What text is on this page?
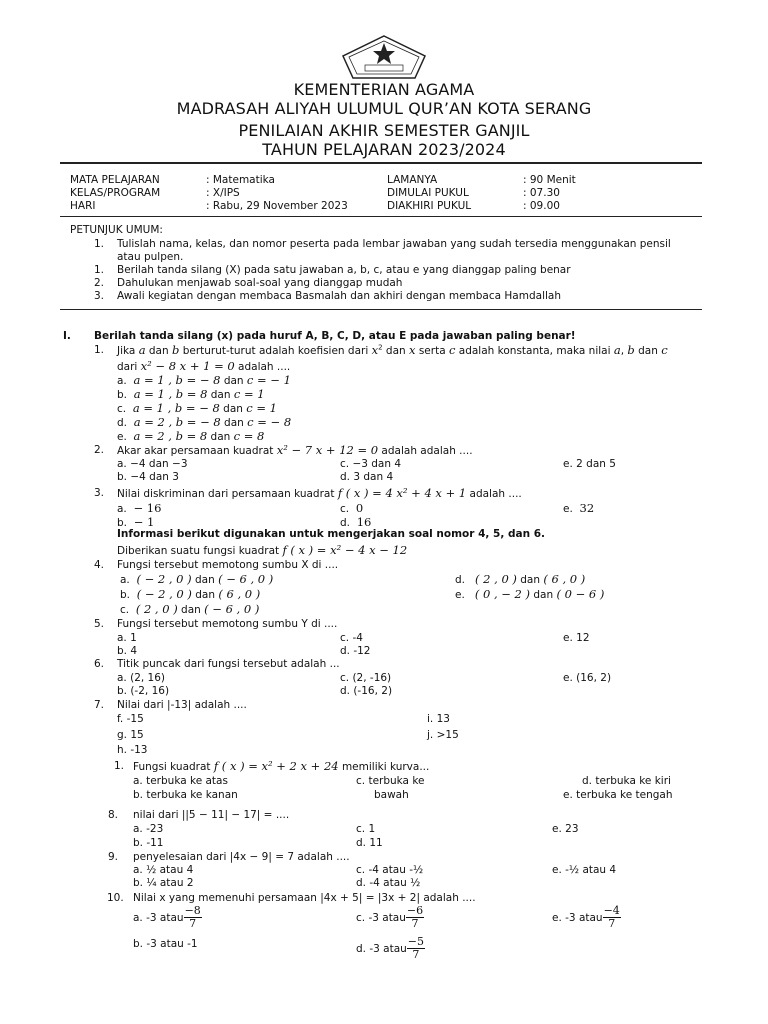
KEMENTERIAN AGAMA
MADRASAH ALIYAH ULUMUL QUR’AN KOTA SERANG
PENILAIAN AKHIR SEMESTER GANJIL
TAHUN PELAJARAN 2023/2024
MATA PELAJARAN	: Matematika	LAMANYA	: 90 Menit
KELAS/PROGRAM	: X/IPS	DIMULAI PUKUL	: 07.30
HARI	: Rabu, 29 November 2023	DIAKHIRI PUKUL	: 09.00
PETUNJUK UMUM:
1. Tulislah nama, kelas, dan nomor peserta pada lembar jawaban yang sudah tersedia menggunakan pensil
atau pulpen.
1. Berilah tanda silang (X) pada satu jawaban a, b, c, atau e yang dianggap paling benar
2. Dahulukan menjawab soal-soal yang dianggap mudah
3. Awali kegiatan dengan membaca Basmalah dan akhiri dengan membaca Hamdallah
I. Berilah tanda silang (x) pada huruf A, B, C, D, atau E pada jawaban paling benar!
1. Jika a dan b berturut-turut adalah koefisien dari $x^2$ dan x serta c adalah konstanta, maka nilai a, b dan c
dari x² − 8 x + 1 = 0 adalah ....
a. a = 1 , b = − 8 dan c = − 1
b. a = 1 , b = 8 dan c = 1
c. a = 1 , b = − 8 dan c = 1
d. a = 2 , b = − 8 dan c = − 8
e. a = 2 , b = 8 dan c = 8
2. Akar akar persamaan kuadrat x² − 7 x + 12 = 0 adalah adalah ....
a. −4 dan −3	c. −3 dan 4	e. 2 dan 5
b. −4 dan 3	d. 3 dan 4
3. Nilai diskriminan dari persamaan kuadrat f ( x ) = 4 x² + 4 x + 1 adalah ....
a. − 16	c. 0	e. 32
b. − 1	d. 16
Informasi berikut digunakan untuk mengerjakan soal nomor 4, 5, dan 6.
Diberikan suatu fungsi kuadrat f ( x ) = x² − 4 x − 12
4. Fungsi tersebut memotong sumbu X di ....
a. ( − 2 , 0 ) dan ( − 6 , 0 )	d. ( 2 , 0 ) dan ( 6 , 0 )
b. ( − 2 , 0 ) dan ( 6 , 0 )	e. ( 0 , − 2 ) dan ( 0 − 6 )
c. ( 2 , 0 ) dan ( − 6 , 0 )
5. Fungsi tersebut memotong sumbu Y di ....
a. 1	c. -4	e. 12
b. 4	d. -12
6. Titik puncak dari fungsi tersebut adalah ...
a. (2, 16)	c. (2, -16)	e. (16, 2)
b. (-2, 16)	d. (-16, 2)
7. Nilai dari |-13| adalah ....
f. -15	i. 13
g. 15	j. >15
h. -13
1. Fungsi kuadrat f ( x ) = x² + 2 x + 24 memiliki kurva...
a. terbuka ke atas	c. terbuka ke	d. terbuka ke kiri
b. terbuka ke kanan	bawah	e. terbuka ke tengah
8. nilai dari ||5 − 11| − 17| = ....
a. -23	c. 1	e. 23
b. -11	d. 11
9. penyelesaian dari |4x − 9| = 7 adalah ....
a. ½ atau 4	c. -4 atau -½	e. -½ atau 4
b. ¼ atau 2	d. -4 atau ½
10. Nilai x yang memenuhi persamaan |4x + 5| = |3x + 2| adalah ....
a. -3 atau $\frac{-8}{7}$	c. -3 atau $\frac{-6}{7}$	e. -3 atau $\frac{-4}{7}$
b. -3 atau -1	d. -3 atau $\frac{-5}{7}$
